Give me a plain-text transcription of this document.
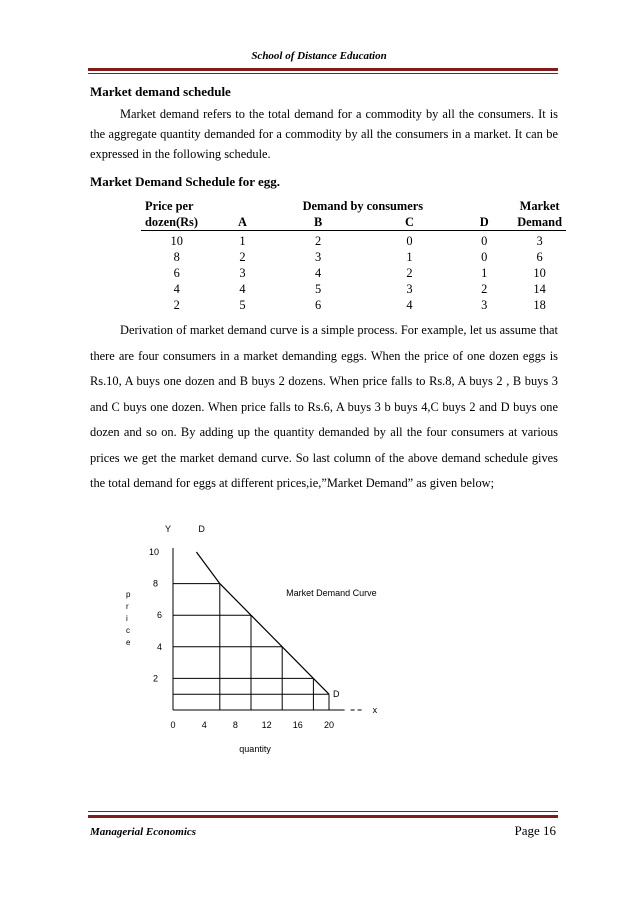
School of Distance Education
Market demand schedule

Market demand refers to the total demand for a commodity by all the consumers. It is the aggregate quantity demanded for a commodity by all the consumers in a market. It can be expressed in the following schedule.

Market Demand Schedule for egg.
Price per	Demand by consumers				Market
dozen(Rs)	A	B	C	D	Demand
10	1	2	0	0	3
8	2	3	1	0	6
6	3	4	2	1	10
4	4	5	3	2	14
2	5	6	4	3	18

Derivation of market demand curve is a simple process. For example, let us assume that there are four consumers in a market demanding eggs. When the price of one dozen eggs is Rs.10, A buys one dozen and B buys 2 dozens. When price falls to Rs.8, A buys 2 , B buys 3 and C buys one dozen. When price falls to Rs.6, A buys 3 b buys 4,C buys 2 and D buys one dozen and so on. By adding up the quantity demanded by all the four consumers at various prices we get the market demand curve. So last column of the above demand schedule gives the total demand for eggs at different prices,ie,”Market Demand” as given below;

Y
x
2
4
6
8
10
0	4	8	12 16 20
p
r
i
c
e
quantity
D
D
Market Demand Curve
Managerial Economics	Page 16
